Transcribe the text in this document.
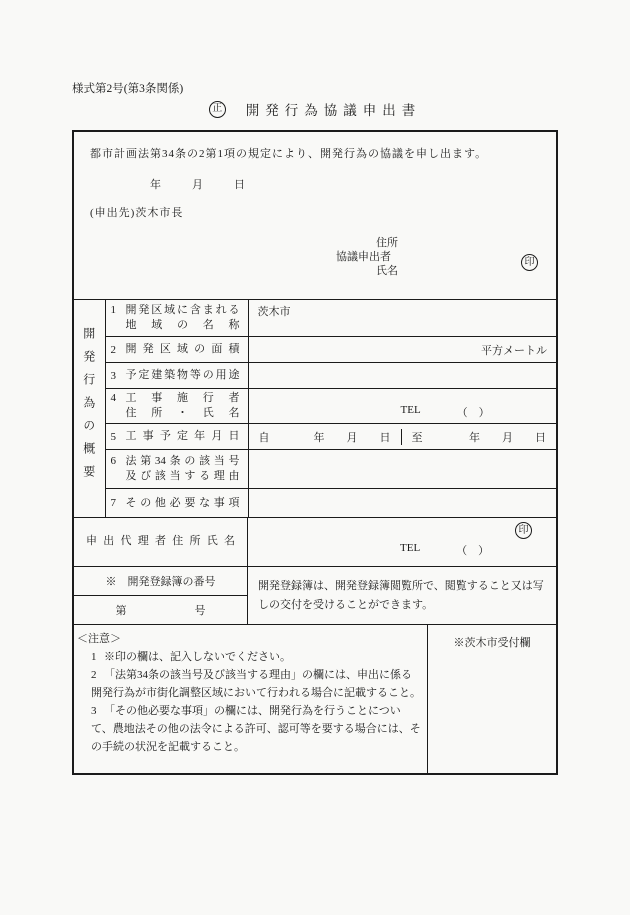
様式第2号(第3条関係)
正 開発行為協議申出書
都市計画法第34条の2第1項の規定により、開発行為の協議を申し出ます。
年	月	日
(申出先)茨木市長
住所
協議申出者
氏名
印
開発行為の概要	1 開発区域に含まれる
地域の名称	茨木市

	2 開発区域の面積	平方メートル

	3 予定建築物等の用途	

	4 工事施行者
住所・氏名	TEL （　）

5 工事予定年月日	自	年 月 日 至	年 月 日

	6 法第34条の該当号
及び該当する理由	

	7 その他必要な事項	

申出代理者住所氏名
TEL	（　）
印
※　開発登録簿の番号
第	号
開発登録簿は、開発登録簿閲覧所で、閲覧すること又は写しの交付を受けることができます。
＜注意＞
1 ※印の欄は、記入しないでください。
2 「法第34条の該当号及び該当する理由」の欄には、申出に係る開発行為が市街化調整区域において行われる場合に記載すること。
3 「その他必要な事項」の欄には、開発行為を行うことについて、農地法その他の法令による許可、認可等を要する場合には、その手続の状況を記載すること。
※茨木市受付欄
